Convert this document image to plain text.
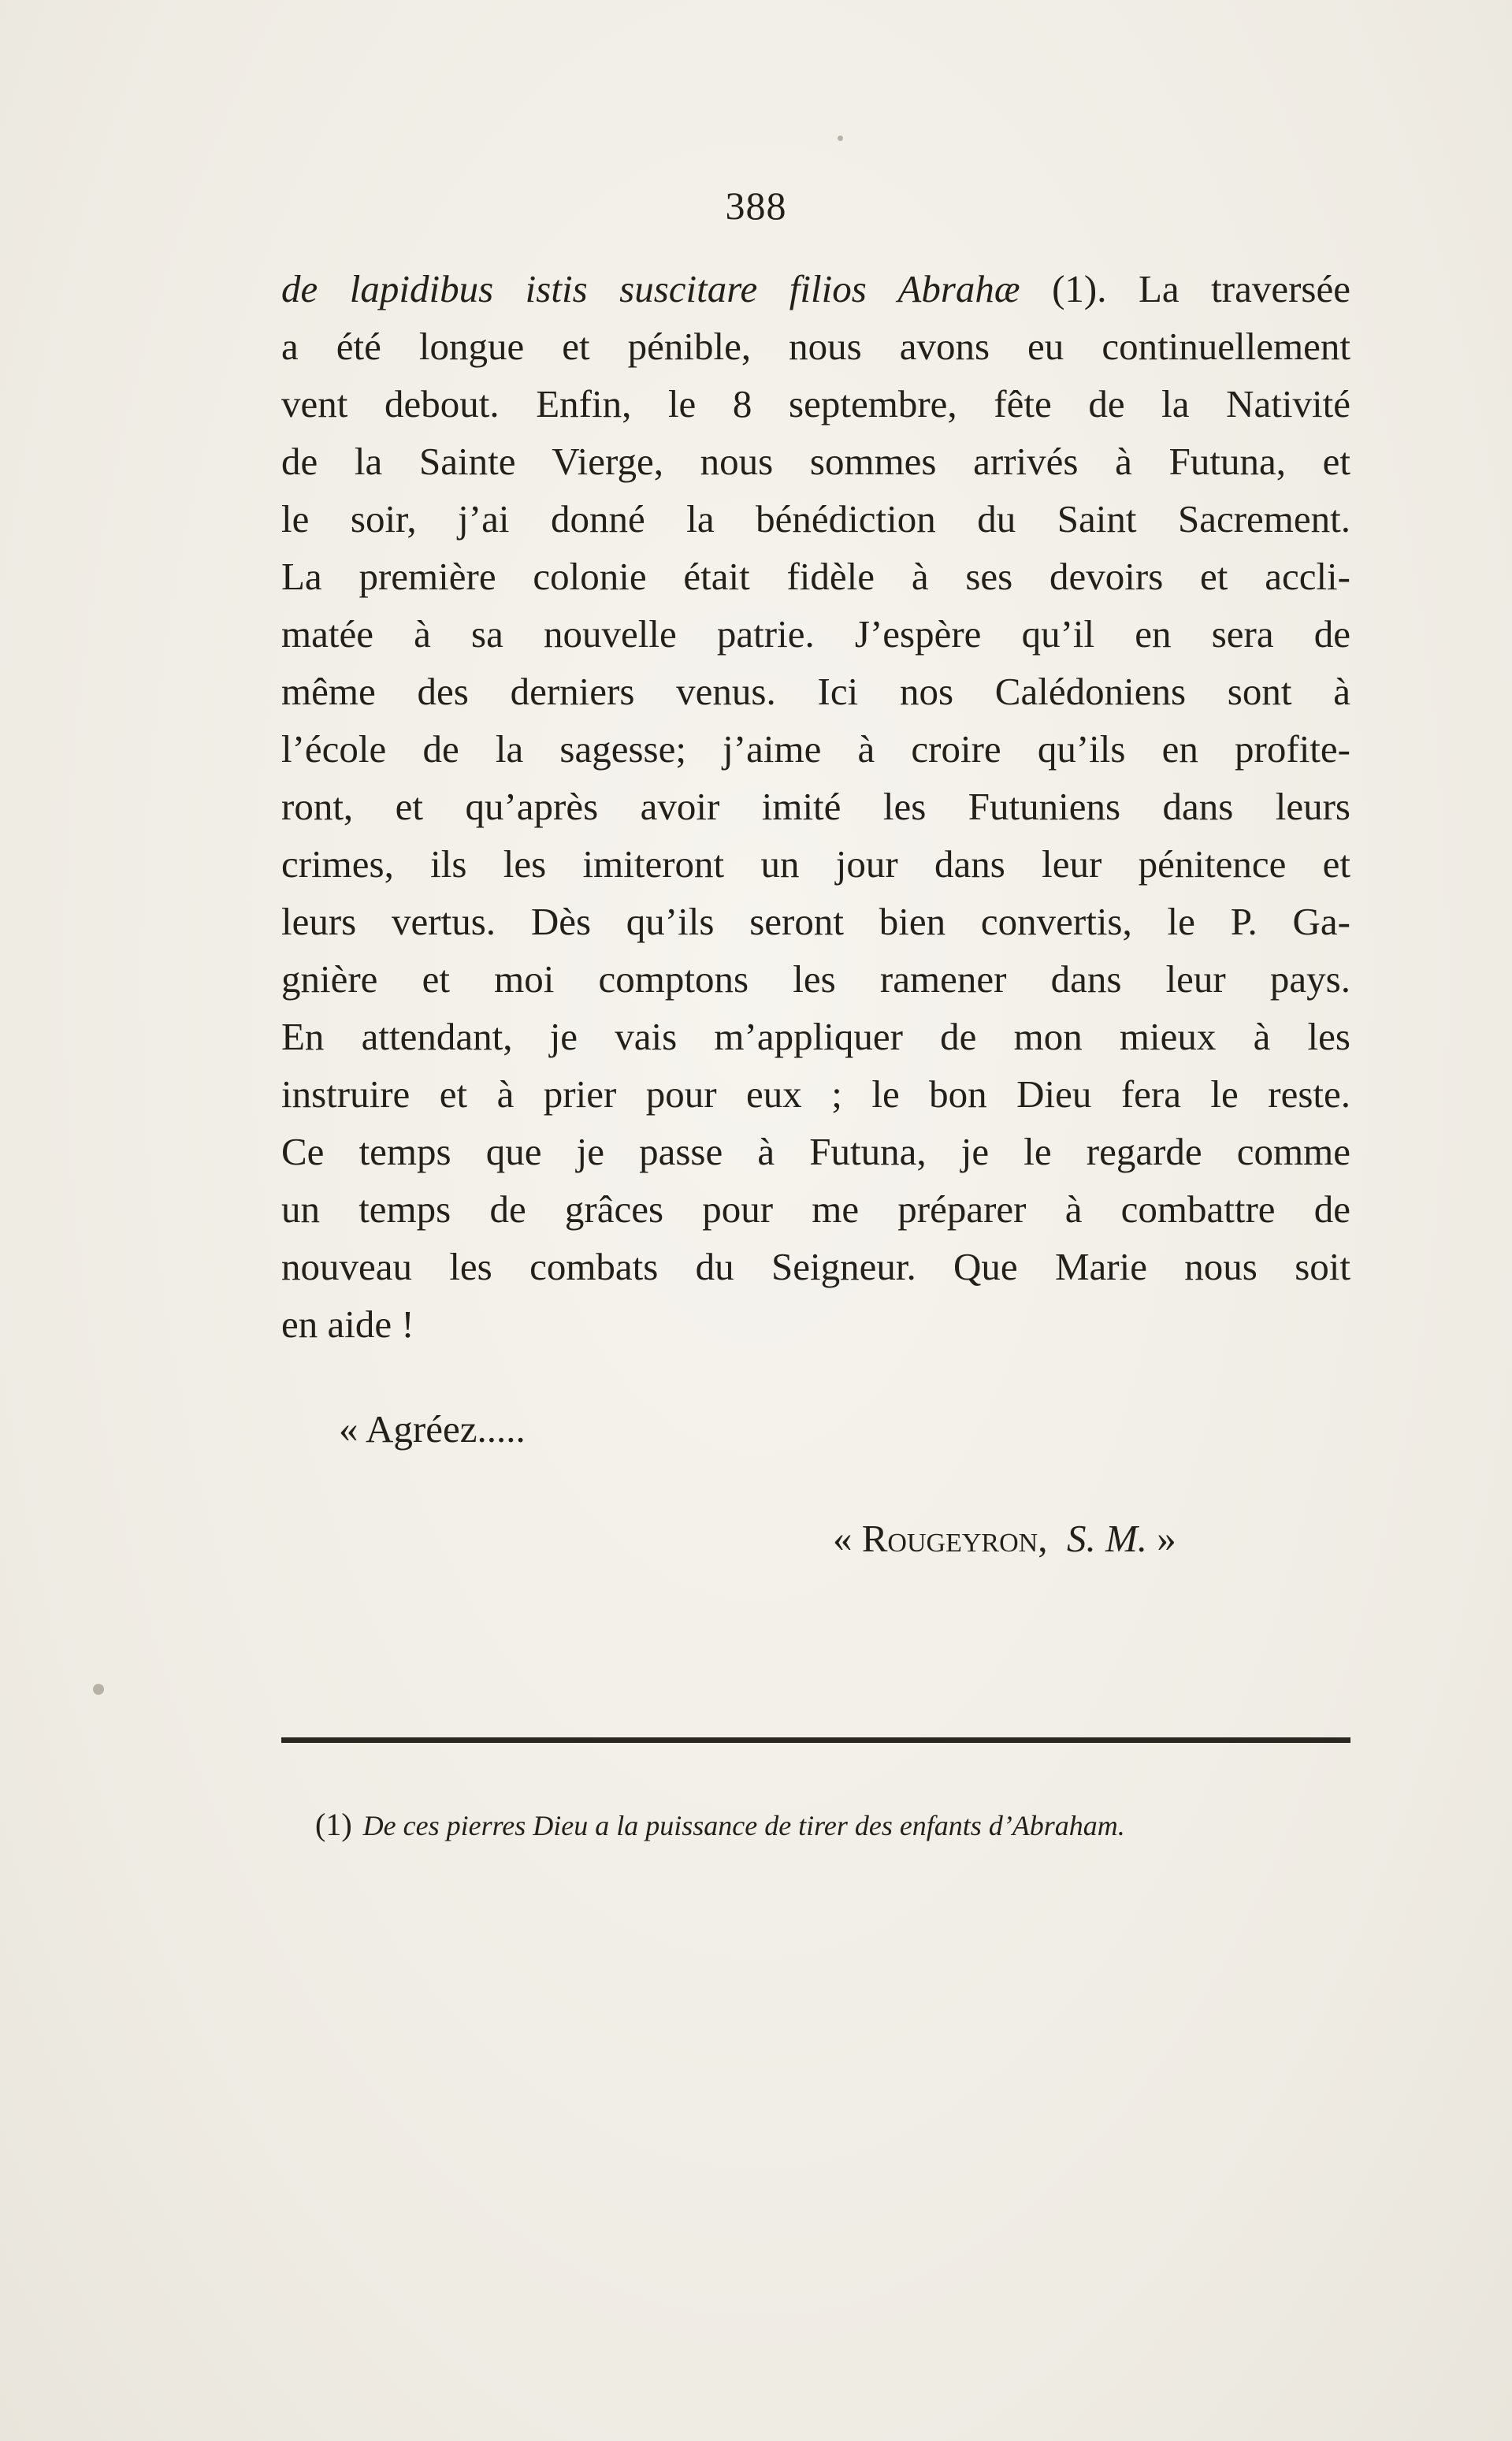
388
de lapidibus istis suscitare filios Abrahæ (1). La traversée
a été longue et pénible, nous avons eu continuellement
vent debout. Enfin, le 8 septembre, fête de la Nativité
de la Sainte Vierge, nous sommes arrivés à Futuna, et
le soir, j’ai donné la bénédiction du Saint Sacrement.
La première colonie était fidèle à ses devoirs et accli-
matée à sa nouvelle patrie. J’espère qu’il en sera de
même des derniers venus. Ici nos Calédoniens sont à
l’école de la sagesse; j’aime à croire qu’ils en profite-
ront, et qu’après avoir imité les Futuniens dans leurs
crimes, ils les imiteront un jour dans leur pénitence et
leurs vertus. Dès qu’ils seront bien convertis, le P. Ga-
gnière et moi comptons les ramener dans leur pays.
En attendant, je vais m’appliquer de mon mieux à les
instruire et à prier pour eux ; le bon Dieu fera le reste.
Ce temps que je passe à Futuna, je le regarde comme
un temps de grâces pour me préparer à combattre de
nouveau les combats du Seigneur. Que Marie nous soit
en aide !
« Agréez.....
« Rougeyron, S. M. »
(1) De ces pierres Dieu a la puissance de tirer des enfants d’Abraham.
